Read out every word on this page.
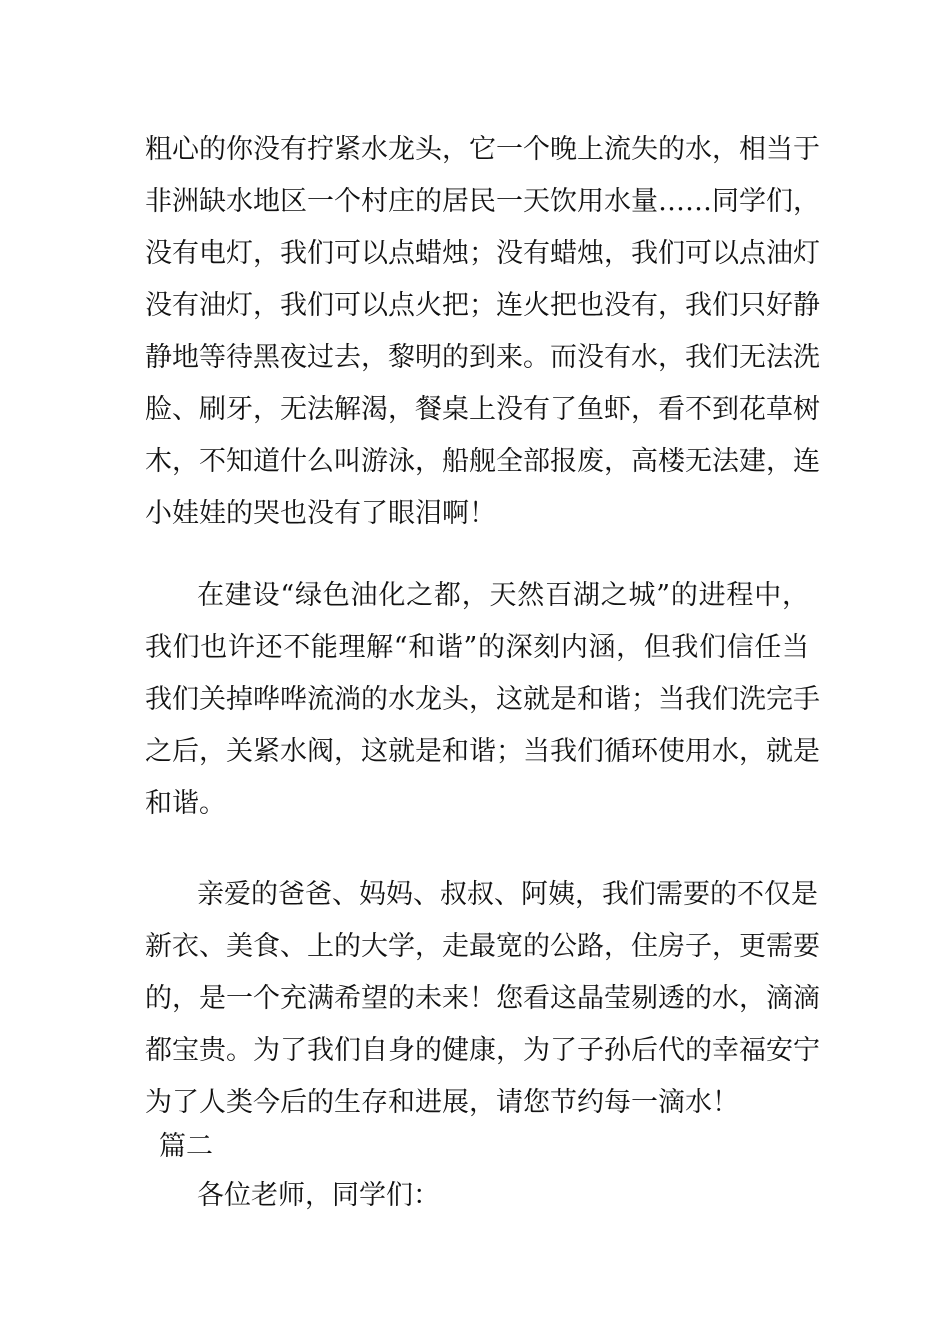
粗心的你没有拧紧水龙头，它一个晚上流失的水，相当于
非洲缺水地区一个村庄的居民一天饮用水量……同学们，
没有电灯，我们可以点蜡烛；没有蜡烛，我们可以点油灯
没有油灯，我们可以点火把；连火把也没有，我们只好静
静地等待黑夜过去，黎明的到来。而没有水，我们无法洗
脸、刷牙，无法解渴，餐桌上没有了鱼虾，看不到花草树
木，不知道什么叫游泳，船舰全部报废，高楼无法建，连
小娃娃的哭也没有了眼泪啊！
在建设“绿色油化之都，天然百湖之城”的进程中，
我们也许还不能理解“和谐”的深刻内涵，但我们信任当
我们关掉哗哗流淌的水龙头，这就是和谐；当我们洗完手
之后，关紧水阀，这就是和谐；当我们循环使用水，就是
和谐。
亲爱的爸爸、妈妈、叔叔、阿姨，我们需要的不仅是
新衣、美食、上的大学，走最宽的公路，住房子，更需要
的，是一个充满希望的未来！您看这晶莹剔透的水，滴滴
都宝贵。为了我们自身的健康，为了子孙后代的幸福安宁
为了人类今后的生存和进展，请您节约每一滴水！
篇二
各位老师，同学们：
